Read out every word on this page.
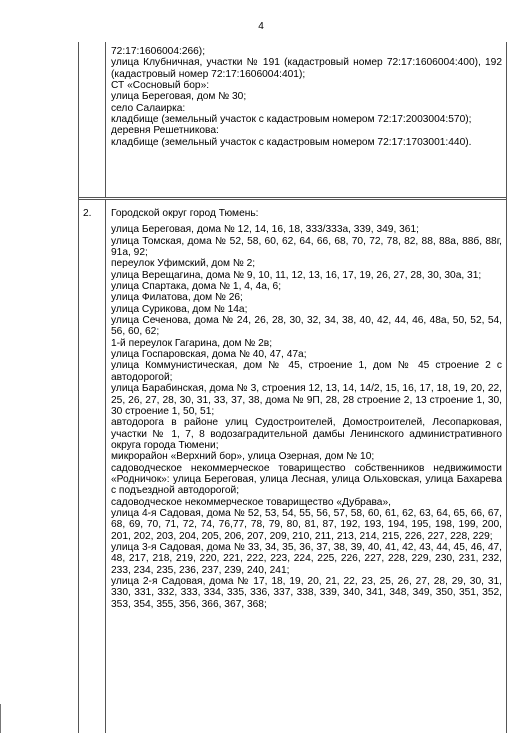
4

72:17:1606004:266);

улица Клубничная, участки № 191 (кадастровый номер 72:17:1606004:400), 192 (кадастровый номер 72:17:1606004:401);

СТ «Сосновый бор»:

улица Береговая, дом № 30;

село Салаирка:

кладбище (земельный участок с кадастровым номером 72:17:2003004:570);

деревня Решетникова:

кладбище (земельный участок с кадастровым номером 72:17:1703001:440).

2. Городской округ город Тюмень:

улица Береговая, дома № 12, 14, 16, 18, 333/333а, 339, 349, 361;

улица Томская, дома № 52, 58, 60, 62, 64, 66, 68, 70, 72, 78, 82, 88, 88а, 88б, 88г, 91а, 92;

переулок Уфимский, дом № 2;

улица Верещагина, дома № 9, 10, 11, 12, 13, 16, 17, 19, 26, 27, 28, 30, 30а, 31;

улица Спартака, дома № 1, 4, 4а, 6;

улица Филатова, дом № 26;

улица Сурикова, дом № 14а;

улица Сеченова, дома № 24, 26, 28, 30, 32, 34, 38, 40, 42, 44, 46, 48а, 50, 52, 54, 56, 60, 62;

1-й переулок Гагарина, дом № 2в;

улица Госпаровская, дома № 40, 47, 47а;

улица Коммунистическая, дом № 45, строение 1, дом № 45 строение 2 с автодорогой;

улица Барабинская, дома № 3, строения 12, 13, 14, 14/2, 15, 16, 17, 18, 19, 20, 22, 25, 26, 27, 28, 30, 31, 33, 37, 38, дома № 9П, 28, 28 строение 2, 13 строение 1, 30, 30 строение 1, 50, 51;

автодорога в районе улиц Судостроителей, Домостроителей, Лесопарковая, участки № 1, 7, 8 водозаградительной дамбы Ленинского административного округа города Тюмени;

микрорайон «Верхний бор», улица Озерная, дом № 10;

садоводческое некоммерческое товарищество собственников недвижимости «Родничок»: улица Береговая, улица Лесная, улица Ольховская, улица Бахарева с подъездной автодорогой;

садоводческое некоммерческое товарищество «Дубрава»,

улица 4-я Садовая, дома № 52, 53, 54, 55, 56, 57, 58, 60, 61, 62, 63, 64, 65, 66, 67, 68, 69, 70, 71, 72, 74, 76,77, 78, 79, 80, 81, 87, 192, 193, 194, 195, 198, 199, 200, 201, 202, 203, 204, 205, 206, 207, 209, 210, 211, 213, 214, 215, 226, 227, 228, 229;

улица 3-я Садовая, дома № 33, 34, 35, 36, 37, 38, 39, 40, 41, 42, 43, 44, 45, 46, 47, 48, 217, 218, 219, 220, 221, 222, 223, 224, 225, 226, 227, 228, 229, 230, 231, 232, 233, 234, 235, 236, 237, 239, 240, 241;

улица 2-я Садовая, дома № 17, 18, 19, 20, 21, 22, 23, 25, 26, 27, 28, 29, 30, 31, 330, 331, 332, 333, 334, 335, 336, 337, 338, 339, 340, 341, 348, 349, 350, 351, 352, 353, 354, 355, 356, 366, 367, 368;
